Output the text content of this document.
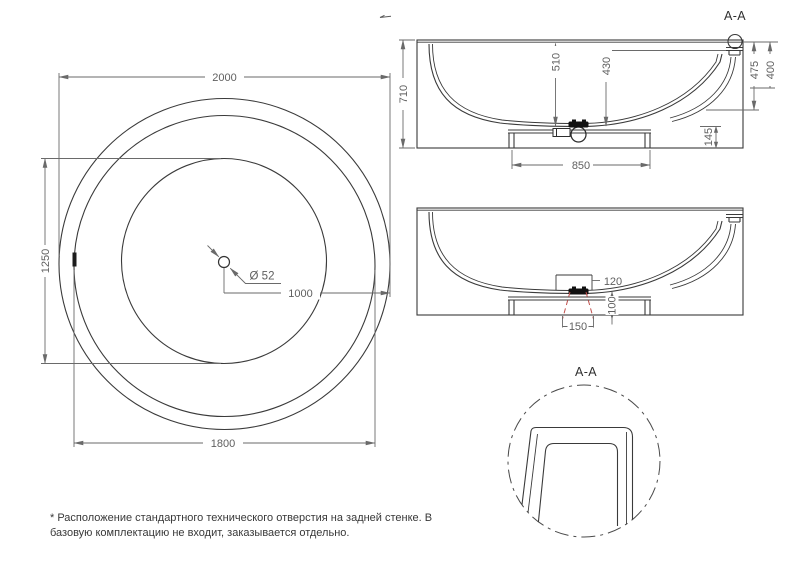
2000
1250
1800
1000
Ø 52
A-A
710
510	430	475 400
145
850
120
150
100
A-A
* Расположение стандартного технического отверстия на задней стенке. В
базовую комплектацию не входит, заказывается отдельно.
